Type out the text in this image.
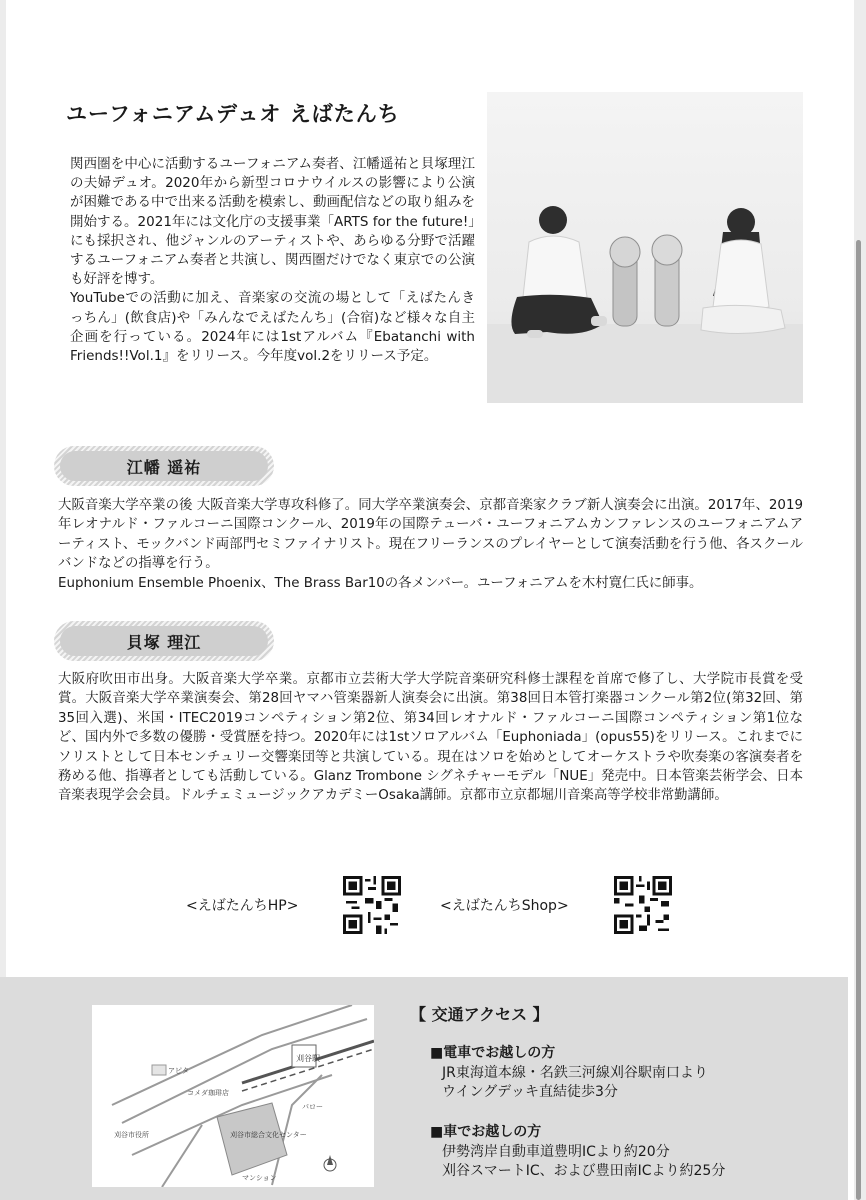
ユーフォニアムデュオ えばたんち

関西圏を中心に活動するユーフォニアム奏者、江幡遥祐と貝塚理江の夫婦デュオ。2020年から新型コロナウイルスの影響により公演が困難である中で出来る活動を模索し、動画配信などの取り組みを開始する。2021年には文化庁の支援事業「ARTS for the future!」にも採択され、他ジャンルのアーティストや、あらゆる分野で活躍するユーフォニアム奏者と共演し、関西圏だけでなく東京での公演も好評を博す。

YouTubeでの活動に加え、音楽家の交流の場として「えばたんきっちん」(飲食店)や「みんなでえばたんち」(合宿)など様々な自主企画を行っている。2024年には1stアルバム『Ebatanchi with Friends!!Vol.1』をリリース。今年度vol.2をリリース予定。

江幡 遥祐

大阪音楽大学卒業の後 大阪音楽大学専攻科修了。同大学卒業演奏会、京都音楽家クラブ新人演奏会に出演。2017年、2019年レオナルド・ファルコーニ国際コンクール、2019年の国際テューバ・ユーフォニアムカンファレンスのユーフォニアムアーティスト、モックバンド両部門セミファイナリスト。現在フリーランスのプレイヤーとして演奏活動を行う他、各スクールバンドなどの指導を行う。

Euphonium Ensemble Phoenix、The Brass Bar10の各メンバー。ユーフォニアムを木村寛仁氏に師事。

貝塚 理江

大阪府吹田市出身。大阪音楽大学卒業。京都市立芸術大学大学院音楽研究科修士課程を首席で修了し、大学院市長賞を受賞。大阪音楽大学卒業演奏会、第28回ヤマハ管楽器新人演奏会に出演。第38回日本管打楽器コンクール第2位(第32回、第35回入選)、米国・ITEC2019コンペティション第2位、第34回レオナルド・ファルコーニ国際コンペティション第1位など、国内外で多数の優勝・受賞歴を持つ。2020年には1stソロアルバム「Euphoniada」(opus55)をリリース。これまでにソリストとして日本センチュリー交響楽団等と共演している。現在はソロを始めとしてオーケストラや吹奏楽の客演奏者を務める他、指導者としても活動している。Glanz Trombone シグネチャーモデル「NUE」発売中。日本管楽芸術学会、日本音楽表現学会会員。ドルチェミュージックアカデミーOsaka講師。京都市立京都堀川音楽高等学校非常勤講師。

<えばたんちHP>	<えばたんちShop>
刈谷駅
刈谷市総合文化センター
アピタ
マンション
パロー
コメダ珈琲店
刈谷市役所
【 交通アクセス 】
■電車でお越しの方
JR東海道本線・名鉄三河線刈谷駅南口より
ウイングデッキ直結徒歩3分
■車でお越しの方
伊勢湾岸自動車道豊明ICより約20分
刈谷スマートIC、および豊田南ICより約25分
